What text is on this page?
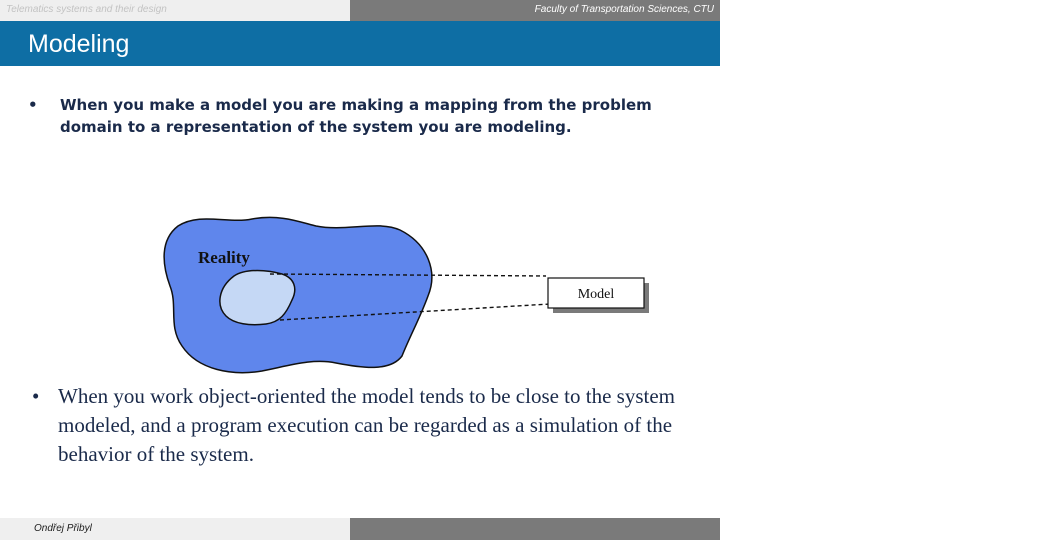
Telematics systems and their design	Faculty of Transportation Sciences, CTU
Modeling
•	When you make a model you are making a mapping from the problem domain to a representation of the system you are modeling.
Model
Reality
• When you work object-oriented the model tends to be close to the system modeled, and a program execution can be regarded as a simulation of the behavior of the system.
Ondřej Přibyl	L6-7: UML introduction	page 11
